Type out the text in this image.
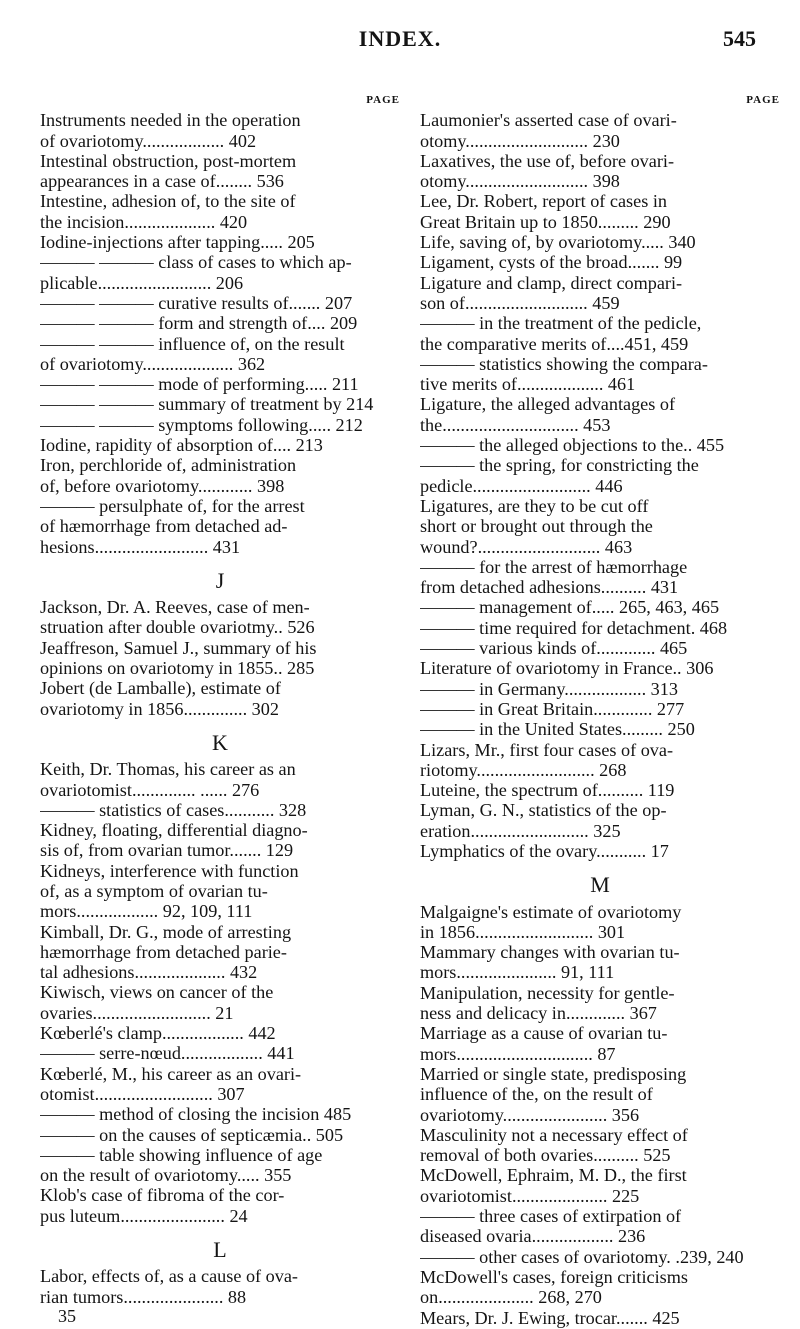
INDEX.	545
PAGE
Instruments needed in the operation
of ovariotomy.................. 402
Intestinal obstruction, post-mortem
appearances in a case of........ 536
Intestine, adhesion of, to the site of
the incision.................... 420
Iodine-injections after tapping..... 205
——— ——— class of cases to which ap-
plicable......................... 206
——— ——— curative results of....... 207
——— ——— form and strength of.... 209
——— ——— influence of, on the result
of ovariotomy.................... 362
——— ——— mode of performing..... 211
——— ——— summary of treatment by 214
——— ——— symptoms following..... 212
Iodine, rapidity of absorption of.... 213
Iron, perchloride of, administration
of, before ovariotomy............ 398
——— persulphate of, for the arrest
of hæmorrhage from detached ad-
hesions......................... 431
J
Jackson, Dr. A. Reeves, case of men-
struation after double ovariotmy.. 526
Jeaffreson, Samuel J., summary of his
opinions on ovariotomy in 1855.. 285
Jobert (de Lamballe), estimate of
ovariotomy in 1856.............. 302
K
Keith, Dr. Thomas, his career as an
ovariotomist.............. ...... 276
——— statistics of cases........... 328
Kidney, floating, differential diagno-
sis of, from ovarian tumor....... 129
Kidneys, interference with function
of, as a symptom of ovarian tu-
mors.................. 92, 109, 111
Kimball, Dr. G., mode of arresting
hæmorrhage from detached parie-
tal adhesions.................... 432
Kiwisch, views on cancer of the
ovaries.......................... 21
Kœberlé's clamp.................. 442
——— serre-nœud.................. 441
Kœberlé, M., his career as an ovari-
otomist.......................... 307
——— method of closing the incision 485
——— on the causes of septicæmia.. 505
——— table showing influence of age
on the result of ovariotomy..... 355
Klob's case of fibroma of the cor-
pus luteum....................... 24
L
Labor, effects of, as a cause of ova-
rian tumors...................... 88
PAGE
Laumonier's asserted case of ovari-
otomy........................... 230
Laxatives, the use of, before ovari-
otomy........................... 398
Lee, Dr. Robert, report of cases in
Great Britain up to 1850......... 290
Life, saving of, by ovariotomy..... 340
Ligament, cysts of the broad....... 99
Ligature and clamp, direct compari-
son of........................... 459
——— in the treatment of the pedicle,
the comparative merits of....451, 459
——— statistics showing the compara-
tive merits of................... 461
Ligature, the alleged advantages of
the.............................. 453
——— the alleged objections to the.. 455
——— the spring, for constricting the
pedicle.......................... 446
Ligatures, are they to be cut off
short or brought out through the
wound?........................... 463
——— for the arrest of hæmorrhage
from detached adhesions.......... 431
——— management of..... 265, 463, 465
——— time required for detachment. 468
——— various kinds of............. 465
Literature of ovariotomy in France.. 306
——— in Germany.................. 313
——— in Great Britain............. 277
——— in the United States......... 250
Lizars, Mr., first four cases of ova-
riotomy.......................... 268
Luteine, the spectrum of.......... 119
Lyman, G. N., statistics of the op-
eration.......................... 325
Lymphatics of the ovary........... 17
M
Malgaigne's estimate of ovariotomy
in 1856.......................... 301
Mammary changes with ovarian tu-
mors...................... 91, 111
Manipulation, necessity for gentle-
ness and delicacy in............. 367
Marriage as a cause of ovarian tu-
mors.............................. 87
Married or single state, predisposing
influence of the, on the result of
ovariotomy....................... 356
Masculinity not a necessary effect of
removal of both ovaries.......... 525
McDowell, Ephraim, M. D., the first
ovariotomist..................... 225
——— three cases of extirpation of
diseased ovaria.................. 236
——— other cases of ovariotomy. .239, 240
McDowell's cases, foreign criticisms
on..................... 268, 270
Mears, Dr. J. Ewing, trocar....... 425
35
